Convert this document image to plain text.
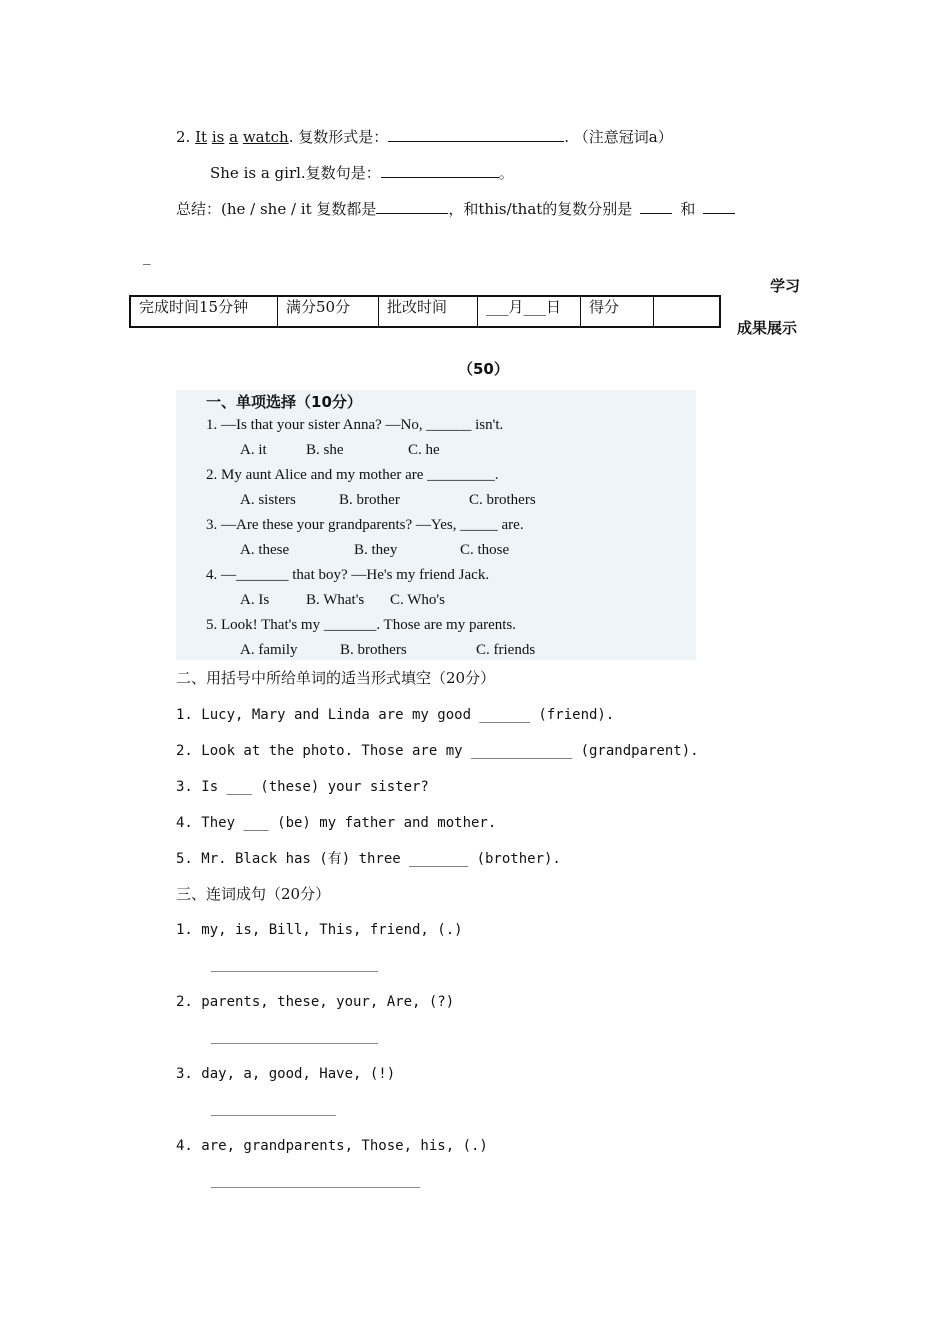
2. It is a watch. 复数形式是：	. （注意冠词a）
She is a girl.复数句是：	。
总结：(he / she / it 复数都是	，和this/that的复数分别是	和
_
学习
成果展示
完成时间15分钟	满分50分	批改时间	___月___日	得分	
（50）
一、单项选择（10分）
1. —Is that your sister Anna? —No, ______ isn't.
A. it	B. she	C. he
2. My aunt Alice and my mother are _________.
A. sisters	B. brother	C. brothers
3. —Are these your grandparents? —Yes, _____ are.
A. these	B. they	C. those
4. —_______ that boy? —He's my friend Jack.
A. Is B. What's C. Who's
5. Look! That's my _______. Those are my parents.
A. family	B. brothers	C. friends
二、用括号中所给单词的适当形式填空（20分）
1. Lucy, Mary and Linda are my good ______ (friend).
2. Look at the photo. Those are my ____________ (grandparent).
3. Is ___ (these) your sister?
4. They ___ (be) my father and mother.
5. Mr. Black has (有) three _______ (brother).
三、连词成句（20分）
1. my, is, Bill, This, friend, (.)
2. parents, these, your, Are, (?)
3. day, a, good, Have, (!)
4. are, grandparents, Those, his, (.)
